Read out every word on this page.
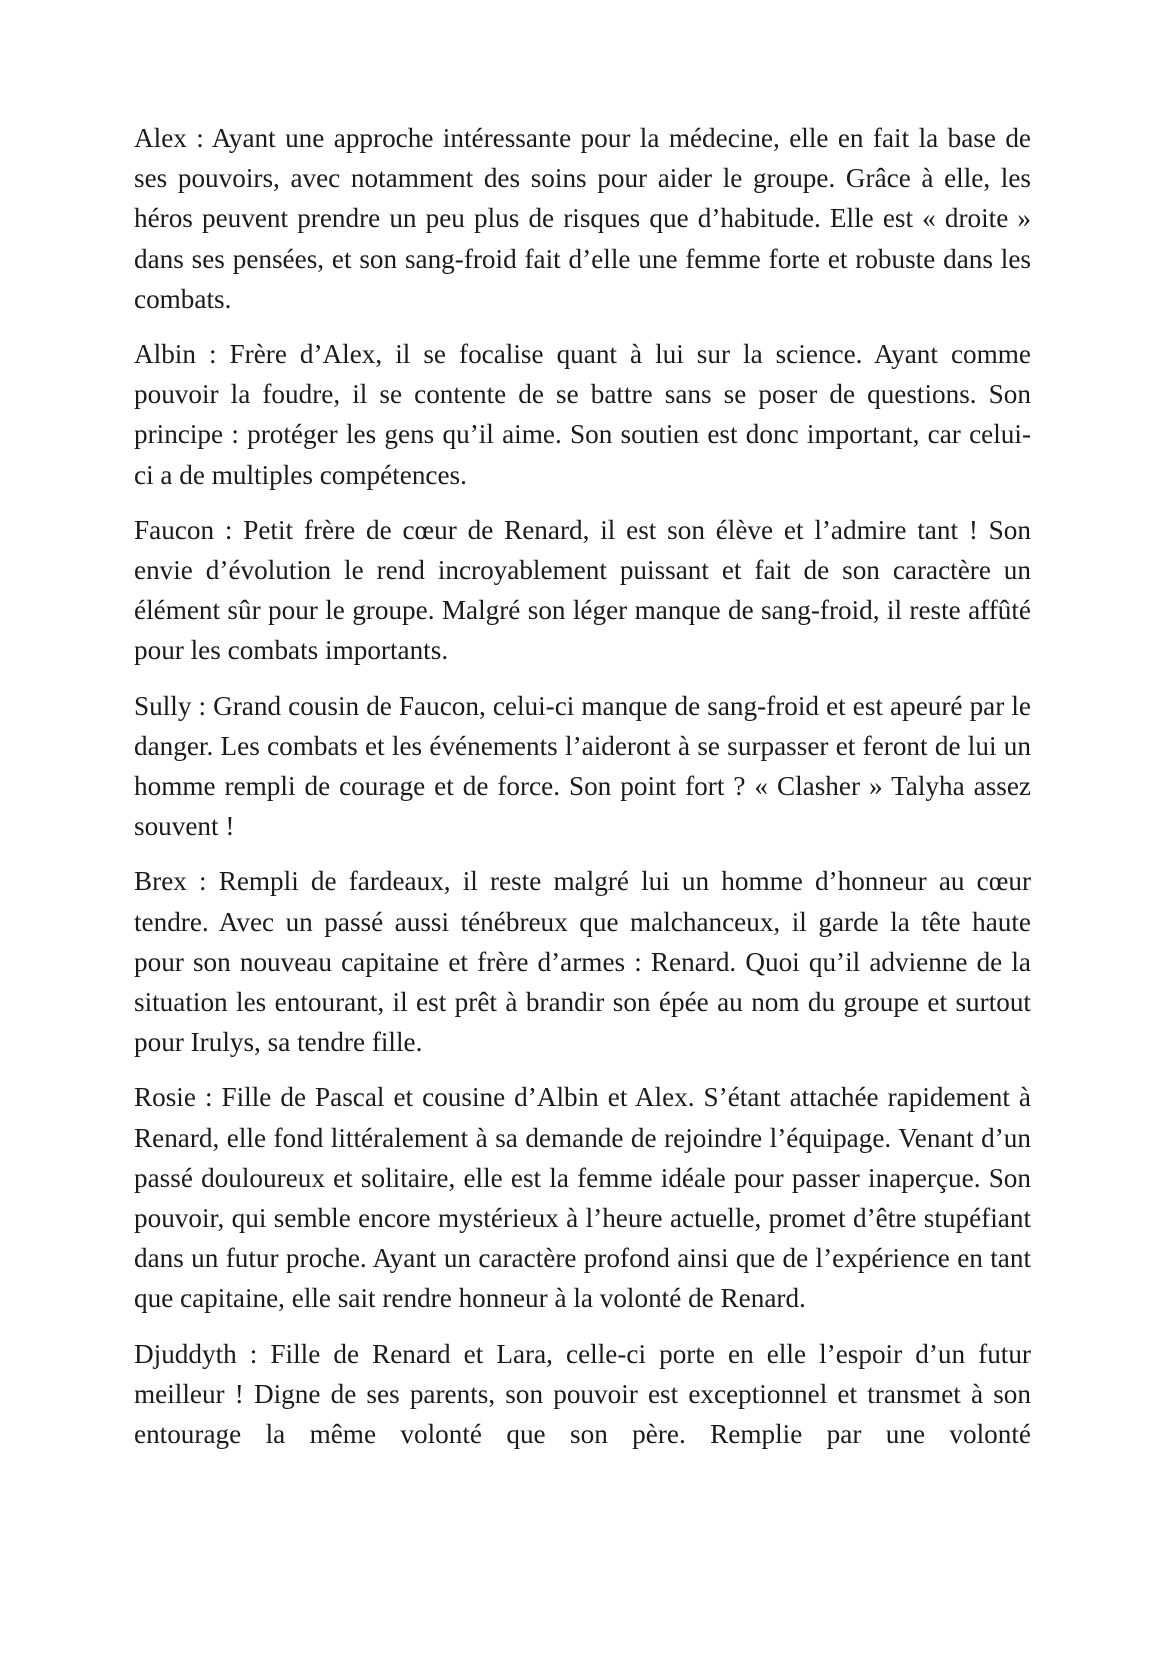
Alex : Ayant une approche intéressante pour la médecine, elle en fait la base de ses pouvoirs, avec notamment des soins pour aider le groupe. Grâce à elle, les héros peuvent prendre un peu plus de risques que d’habitude. Elle est « droite » dans ses pensées, et son sang-froid fait d’elle une femme forte et robuste dans les combats.

Albin : Frère d’Alex, il se focalise quant à lui sur la science. Ayant comme pouvoir la foudre, il se contente de se battre sans se poser de questions. Son principe : protéger les gens qu’il aime. Son soutien est donc important, car celui-ci a de multiples compétences.

Faucon : Petit frère de cœur de Renard, il est son élève et l’admire tant ! Son envie d’évolution le rend incroyablement puissant et fait de son caractère un élément sûr pour le groupe. Malgré son léger manque de sang-froid, il reste affûté pour les combats importants.

Sully : Grand cousin de Faucon, celui-ci manque de sang-froid et est apeuré par le danger. Les combats et les événements l’aideront à se surpasser et feront de lui un homme rempli de courage et de force. Son point fort ? « Clasher » Talyha assez souvent !

Brex : Rempli de fardeaux, il reste malgré lui un homme d’honneur au cœur tendre. Avec un passé aussi ténébreux que malchanceux, il garde la tête haute pour son nouveau capitaine et frère d’armes : Renard. Quoi qu’il advienne de la situation les entourant, il est prêt à brandir son épée au nom du groupe et surtout pour Irulys, sa tendre fille.

Rosie : Fille de Pascal et cousine d’Albin et Alex. S’étant attachée rapidement à Renard, elle fond littéralement à sa demande de rejoindre l’équipage. Venant d’un passé douloureux et solitaire, elle est la femme idéale pour passer inaperçue. Son pouvoir, qui semble encore mystérieux à l’heure actuelle, promet d’être stupéfiant dans un futur proche. Ayant un caractère profond ainsi que de l’expérience en tant que capitaine, elle sait rendre honneur à la volonté de Renard.

Djuddyth : Fille de Renard et Lara, celle-ci porte en elle l’espoir d’un futur meilleur ! Digne de ses parents, son pouvoir est exceptionnel et transmet à son entourage la même volonté que son père. Remplie par une volonté
